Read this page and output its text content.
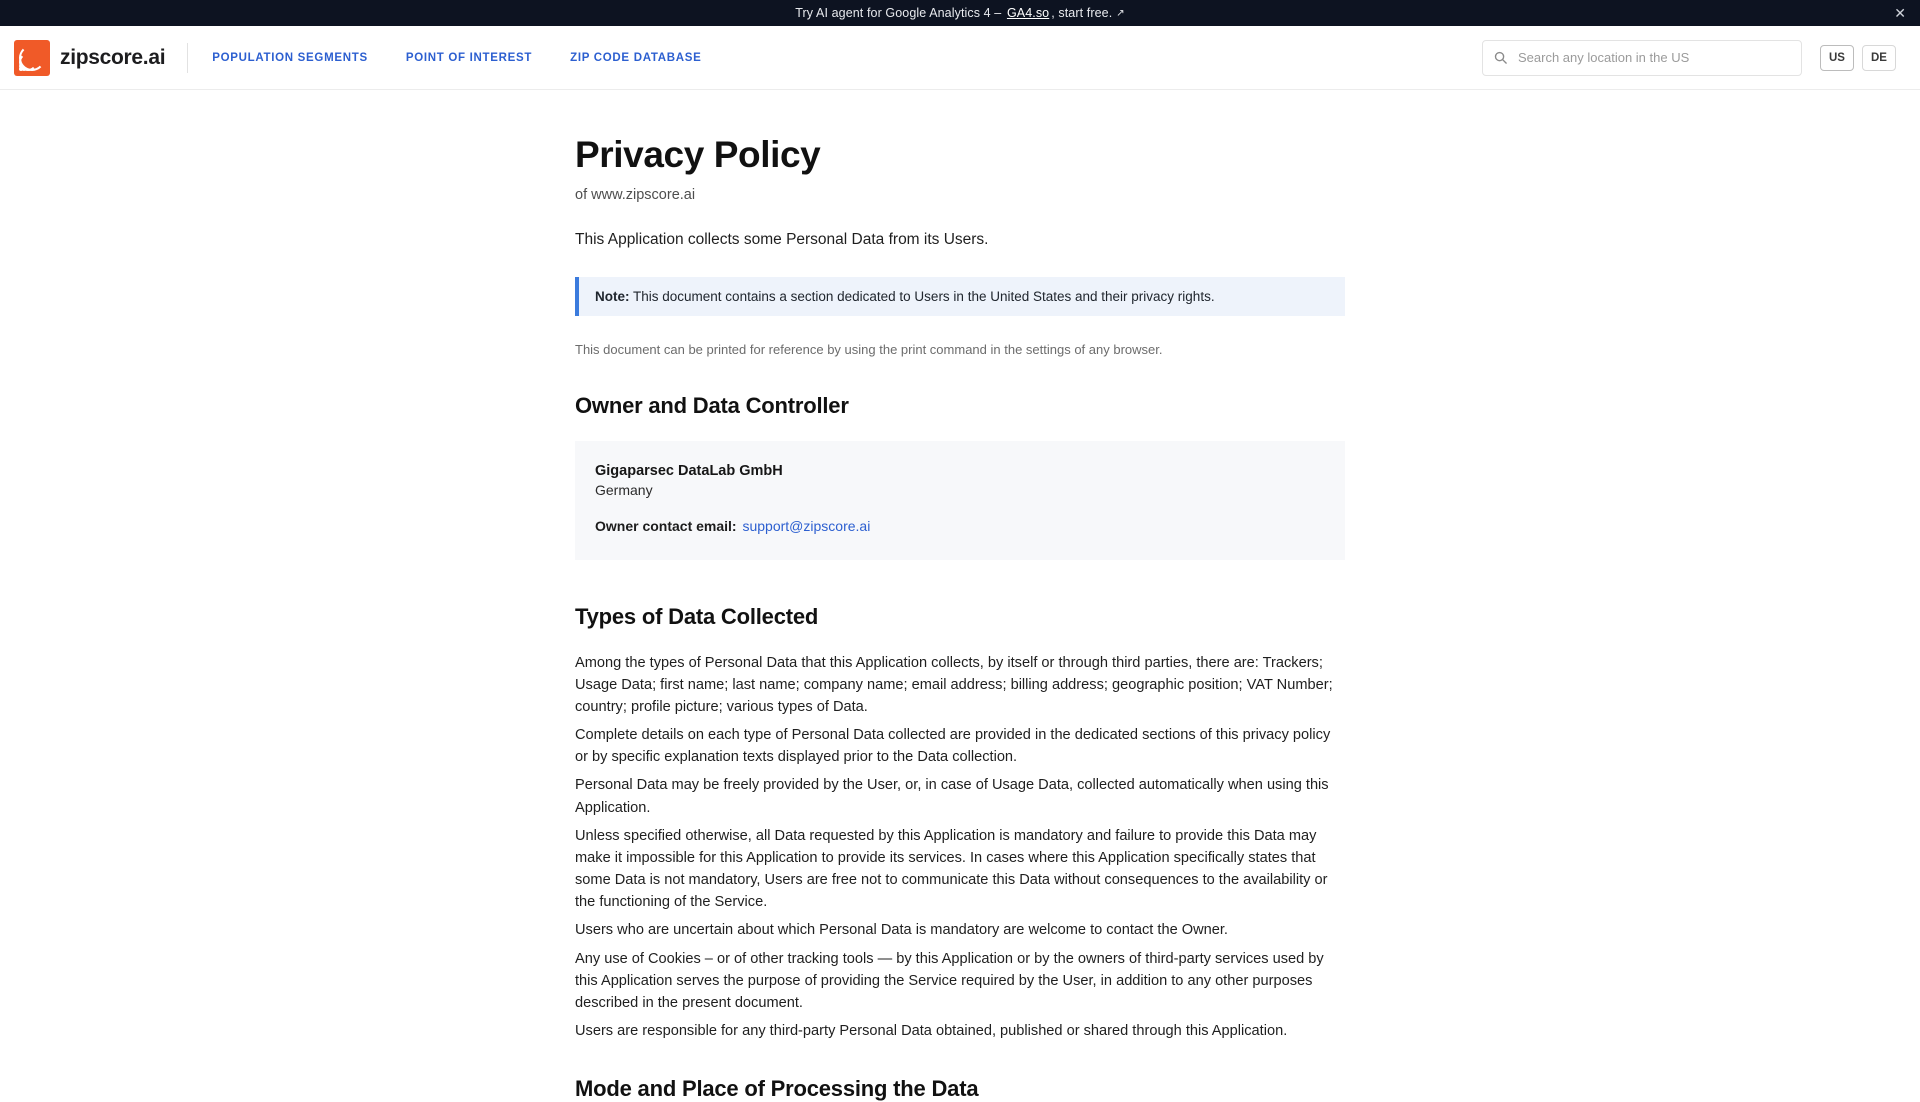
Try AI agent for Google Analytics 4 – GA4.so , start free. ↗	✕
zipscore.ai	POPULATION SEGMENTS	POINT OF INTEREST	ZIP CODE DATABASE
Search any location in the US	US	DE
Privacy Policy

of www.zipscore.ai

This Application collects some Personal Data from its Users.

Note: This document contains a section dedicated to Users in the United States and their privacy rights.

This document can be printed for reference by using the print command in the settings of any browser.

Owner and Data Controller
Gigaparsec DataLab GmbH
Germany
Owner contact email: support@zipscore.ai
Types of Data Collected

Among the types of Personal Data that this Application collects, by itself or through third parties, there are: Trackers; Usage Data; first name; last name; company name; email address; billing address; geographic position; VAT Number; country; profile picture; various types of Data.

Complete details on each type of Personal Data collected are provided in the dedicated sections of this privacy policy or by specific explanation texts displayed prior to the Data collection.

Personal Data may be freely provided by the User, or, in case of Usage Data, collected automatically when using this Application.

Unless specified otherwise, all Data requested by this Application is mandatory and failure to provide this Data may make it impossible for this Application to provide its services. In cases where this Application specifically states that some Data is not mandatory, Users are free not to communicate this Data without consequences to the availability or the functioning of the Service.

Users who are uncertain about which Personal Data is mandatory are welcome to contact the Owner.

Any use of Cookies – or of other tracking tools — by this Application or by the owners of third-party services used by this Application serves the purpose of providing the Service required by the User, in addition to any other purposes described in the present document.

Users are responsible for any third-party Personal Data obtained, published or shared through this Application.

Mode and Place of Processing the Data
